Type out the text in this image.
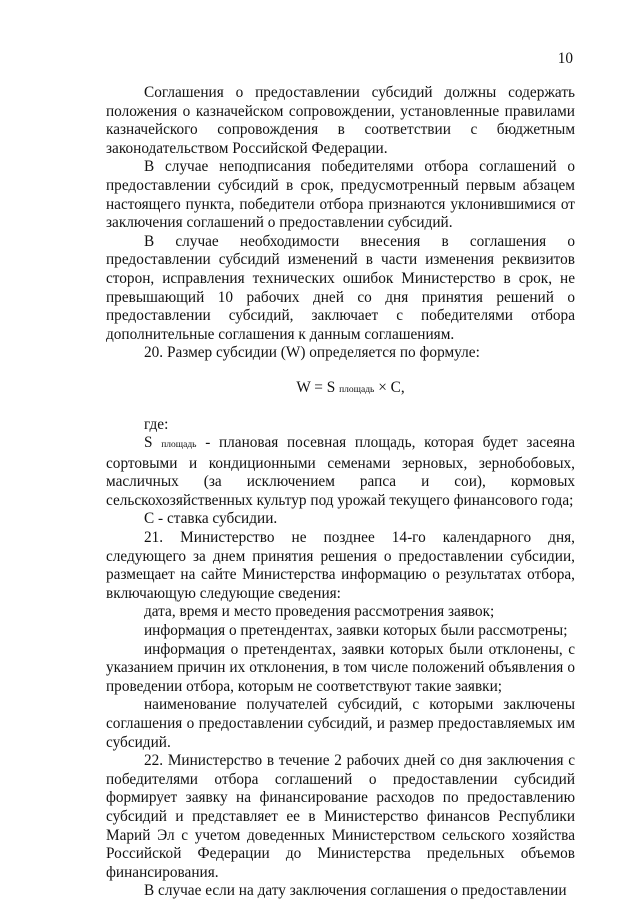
10

Соглашения о предоставлении субсидий должны содержать положения о казначейском сопровождении, установленные правилами казначейского сопровождения в соответствии с бюджетным законодательством Российской Федерации.

В случае неподписания победителями отбора соглашений о предоставлении субсидий в срок, предусмотренный первым абзацем настоящего пункта, победители отбора признаются уклонившимися от заключения соглашений о предоставлении субсидий.

В случае необходимости внесения в соглашения о предоставлении субсидий изменений в части изменения реквизитов сторон, исправления технических ошибок Министерство в срок, не превышающий 10 рабочих дней со дня принятия решений о предоставлении субсидий, заключает с победителями отбора дополнительные соглашения к данным соглашениям.

20. Размер субсидии (W) определяется по формуле:

W = S площадь × С,

где:

S площадь - плановая посевная площадь, которая будет засеяна сортовыми и кондиционными семенами зерновых, зернобобовых, масличных (за исключением рапса и сои), кормовых сельскохозяйственных культур под урожай текущего финансового года;

С - ставка субсидии.

21. Министерство не позднее 14-го календарного дня, следующего за днем принятия решения о предоставлении субсидии, размещает на сайте Министерства информацию о результатах отбора, включающую следующие сведения:

дата, время и место проведения рассмотрения заявок;

информация о претендентах, заявки которых были рассмотрены;

информация о претендентах, заявки которых были отклонены, с указанием причин их отклонения, в том числе положений объявления о проведении отбора, которым не соответствуют такие заявки;

наименование получателей субсидий, с которыми заключены соглашения о предоставлении субсидий, и размер предоставляемых им субсидий.

22. Министерство в течение 2 рабочих дней со дня заключения с победителями отбора соглашений о предоставлении субсидий формирует заявку на финансирование расходов по предоставлению субсидий и представляет ее в Министерство финансов Республики Марий Эл с учетом доведенных Министерством сельского хозяйства Российской Федерации до Министерства предельных объемов финансирования.

В случае если на дату заключения соглашения о предоставлении
